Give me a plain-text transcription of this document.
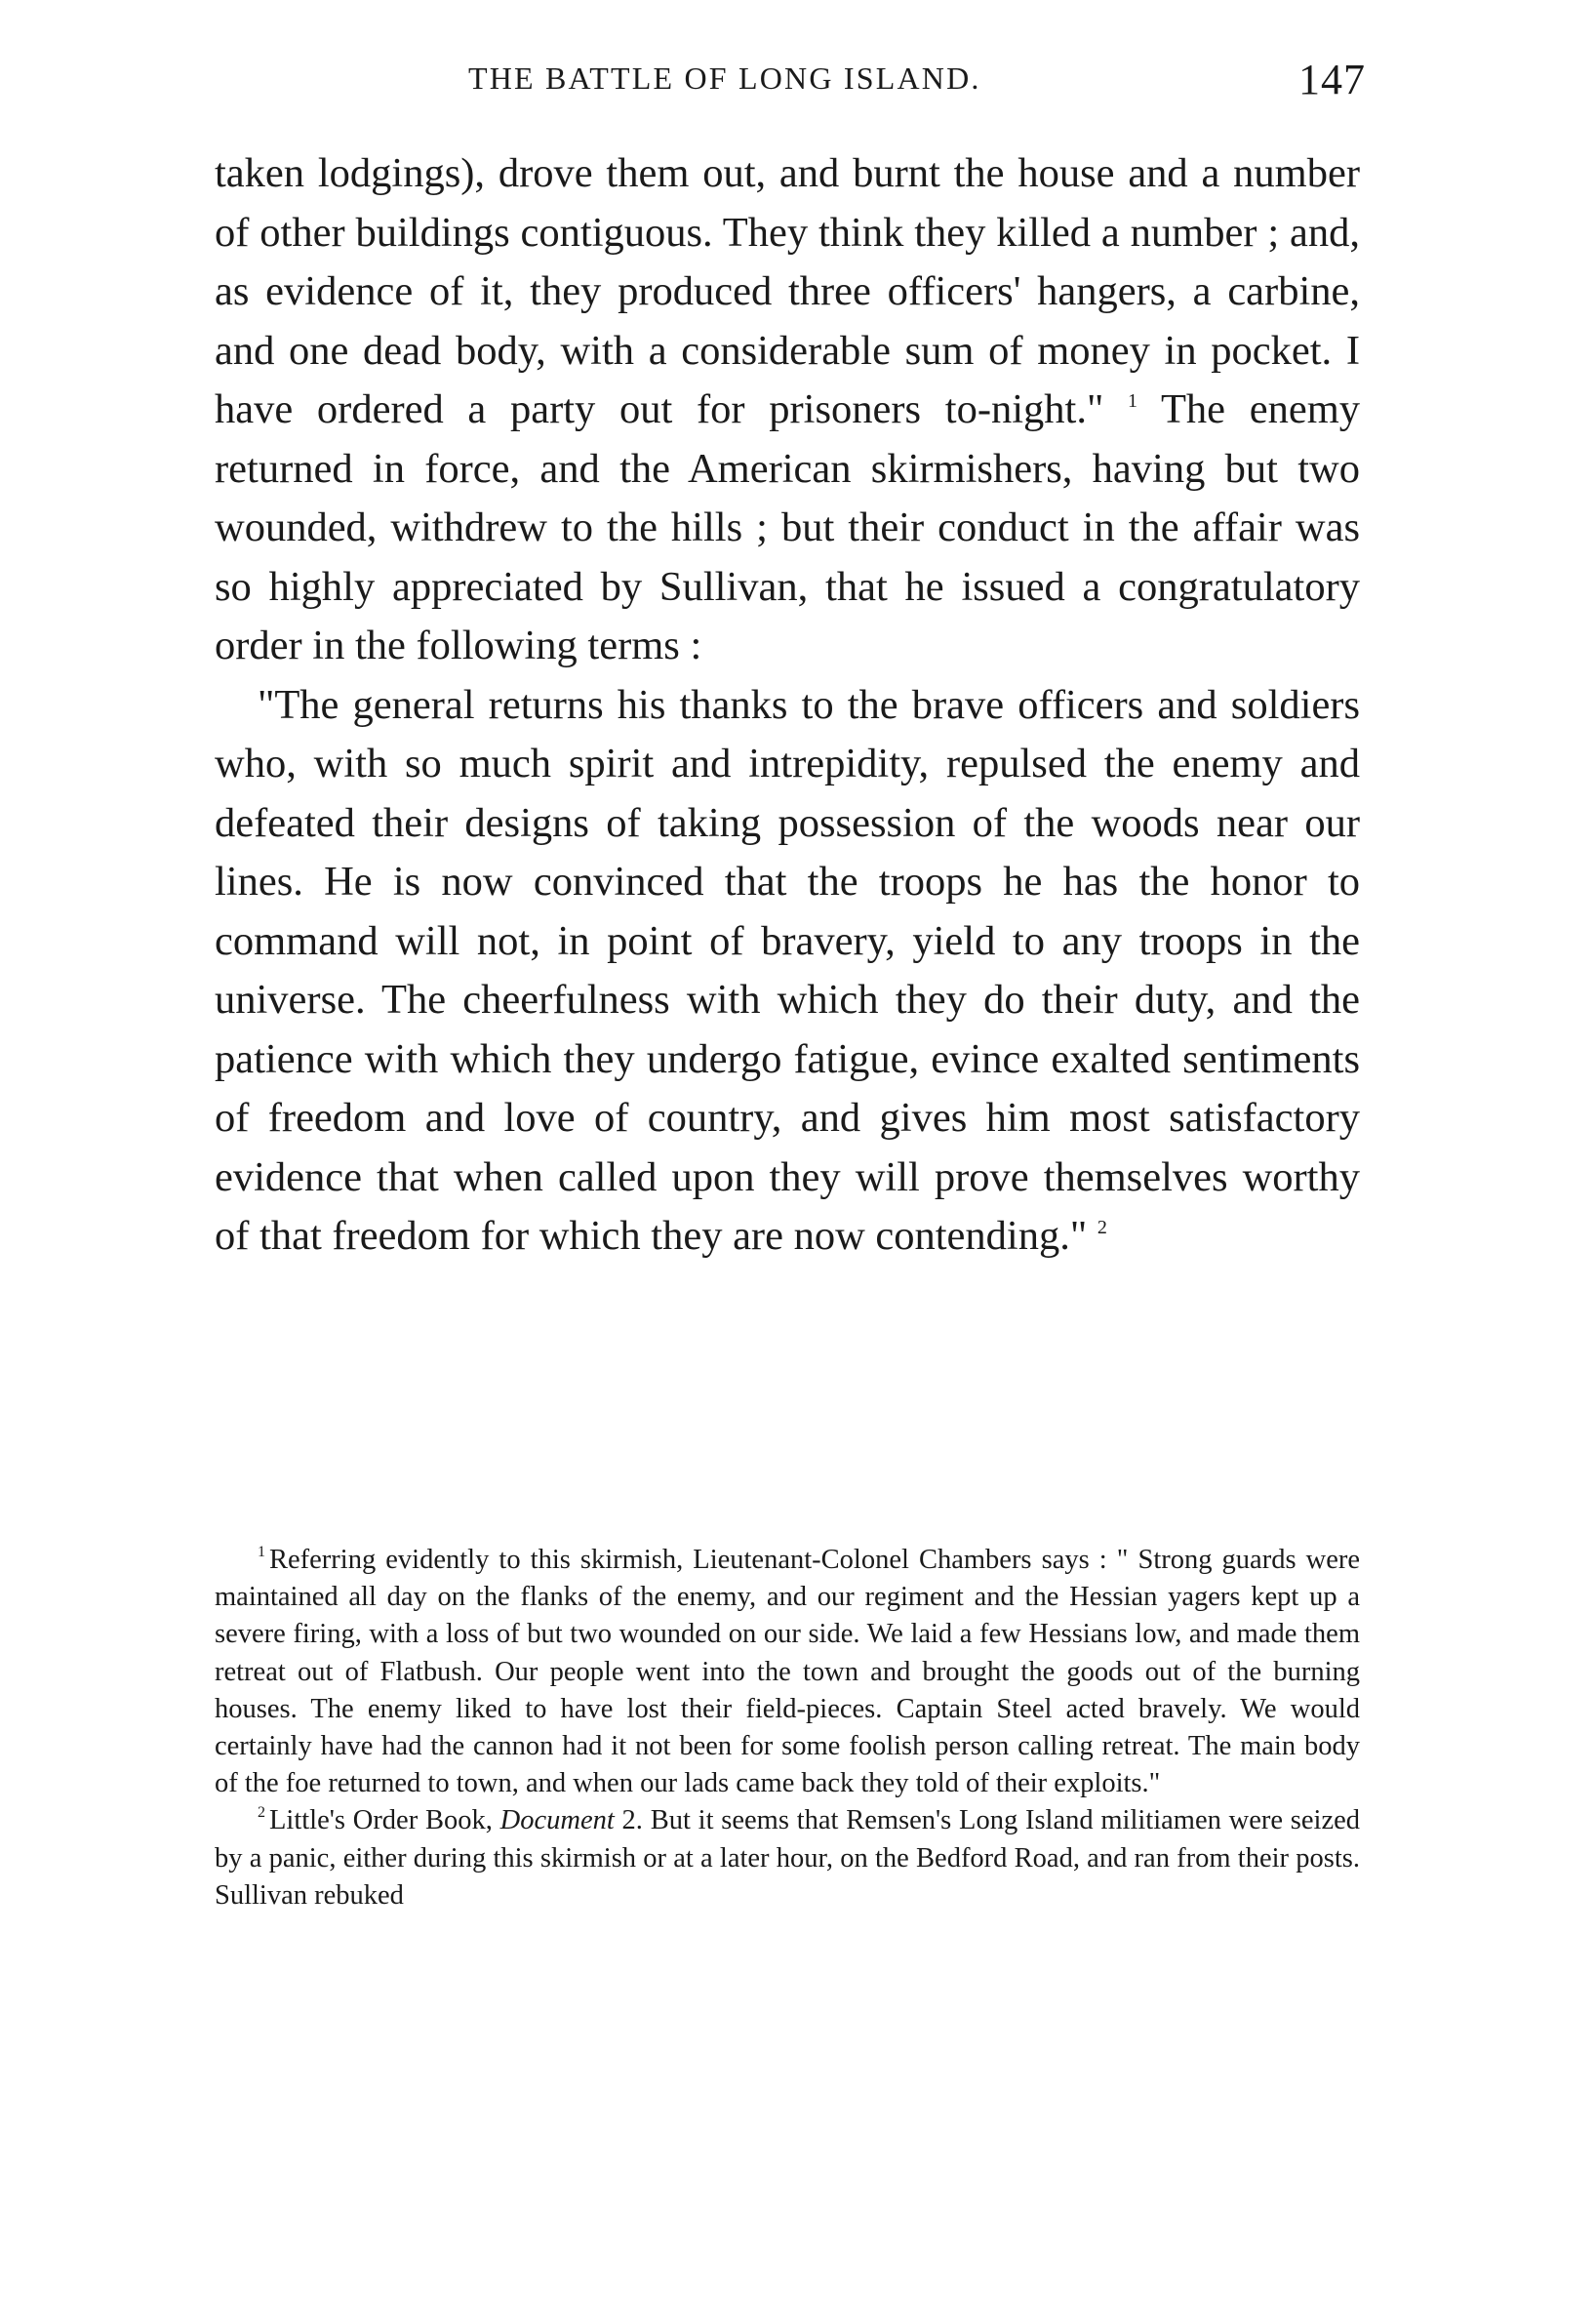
THE BATTLE OF LONG ISLAND.	147

taken lodgings), drove them out, and burnt the house and a number of other buildings contiguous. They think they killed a number ; and, as evidence of it, they produced three officers' hangers, a carbine, and one dead body, with a considerable sum of money in pocket. I have ordered a party out for prisoners to-night." $^1$ The enemy returned in force, and the American skirmishers, having but two wounded, withdrew to the hills ; but their conduct in the affair was so highly appreciated by Sullivan, that he issued a congratulatory order in the following terms :

"The general returns his thanks to the brave officers and soldiers who, with so much spirit and intrepidity, repulsed the enemy and defeated their designs of taking possession of the woods near our lines. He is now convinced that the troops he has the honor to command will not, in point of bravery, yield to any troops in the universe. The cheerfulness with which they do their duty, and the patience with which they undergo fatigue, evince exalted sentiments of freedom and love of country, and gives him most satisfactory evidence that when called upon they will prove themselves worthy of that freedom for which they are now contending." $^2$

$^1$ Referring evidently to this skirmish, Lieutenant-Colonel Chambers says : " Strong guards were maintained all day on the flanks of the enemy, and our regiment and the Hessian yagers kept up a severe firing, with a loss of but two wounded on our side. We laid a few Hessians low, and made them retreat out of Flatbush. Our people went into the town and brought the goods out of the burning houses. The enemy liked to have lost their field-pieces. Captain Steel acted bravely. We would certainly have had the cannon had it not been for some foolish person calling retreat. The main body of the foe returned to town, and when our lads came back they told of their exploits."

$^2$ Little's Order Book, Document 2. But it seems that Remsen's Long Island militiamen were seized by a panic, either during this skirmish or at a later hour, on the Bedford Road, and ran from their posts. Sullivan rebuked
